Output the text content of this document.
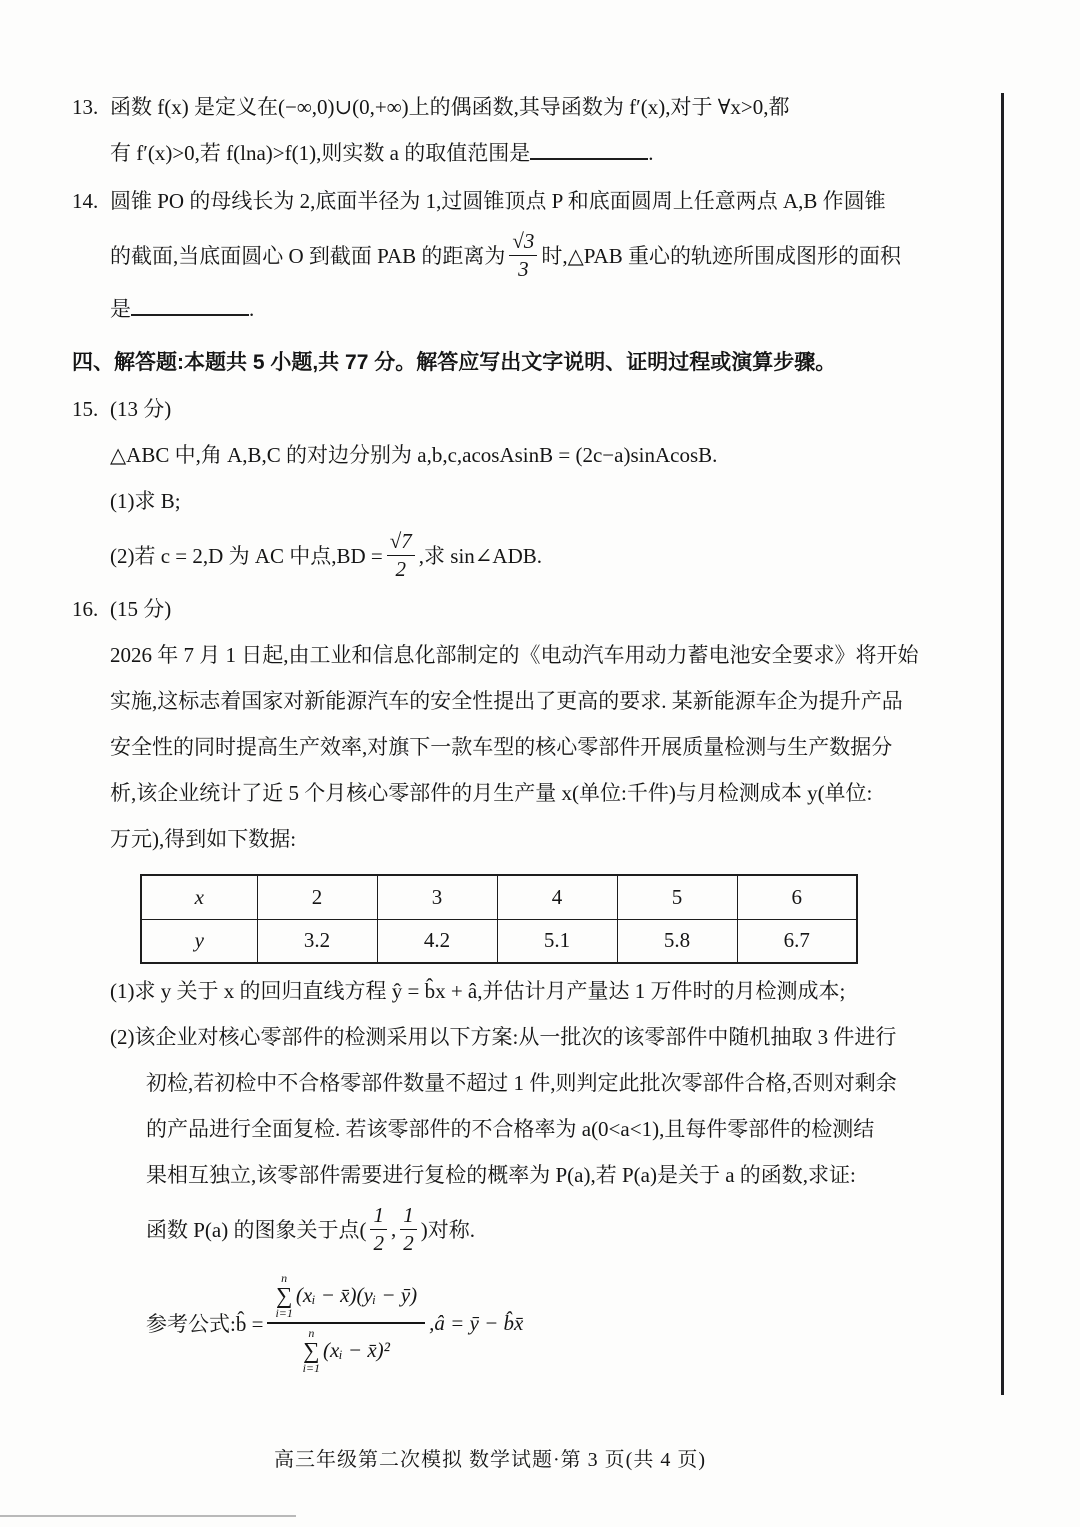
13. 函数 f(x) 是定义在(−∞,0)∪(0,+∞)上的偶函数,其导函数为 f′(x),对于 ∀x>0,都
有 f′(x)>0,若 f(lna)>f(1),则实数 a 的取值范围是	.
14. 圆锥 PO 的母线长为 2,底面半径为 1,过圆锥顶点 P 和底面圆周上任意两点 A,B 作圆锥
的截面,当底面圆心 O 到截面 PAB 的距离为 $\frac{√3}{3}$ 时,△PAB 重心的轨迹所围成图形的面积
是	.
四、解答题:本题共 5 小题,共 77 分。解答应写出文字说明、证明过程或演算步骤。
15. (13 分)
△ABC 中,角 A,B,C 的对边分别为 a,b,c,acosAsinB = (2c−a)sinAcosB.
(1)求 B;
(2)若 c = 2,D 为 AC 中点$,BD = \frac{√7}{2}$ ,求 sin∠ADB.
16. (15 分)
2026 年 7 月 1 日起,由工业和信息化部制定的《电动汽车用动力蓄电池安全要求》将开始
实施,这标志着国家对新能源汽车的安全性提出了更高的要求. 某新能源车企为提升产品
安全性的同时提高生产效率,对旗下一款车型的核心零部件开展质量检测与生产数据分
析,该企业统计了近 5 个月核心零部件的月生产量 x(单位:千件)与月检测成本 y(单位:
万元),得到如下数据:
x	2	3	4	5	6
y	3.2	4.2	5.1	5.8	6.7
(1)求 y 关于 x 的回归直线方程 ŷ = b̂x + â,并估计月产量达 1 万件时的月检测成本;
(2)该企业对核心零部件的检测采用以下方案:从一批次的该零部件中随机抽取 3 件进行
初检,若初检中不合格零部件数量不超过 1 件,则判定此批次零部件合格,否则对剩余
的产品进行全面复检. 若该零部件的不合格率为 a(0<a<1),且每件零部件的检测结
果相互独立,该零部件需要进行复检的概率为 P(a),若 P(a)是关于 a 的函数,求证:
函数 P(a) 的图象关于点( $\frac{1}{2}$ , $\frac{1}{2}$ )对称.
参考公式:b̂ =
n
∑
i=1
(xᵢ − x̄)(yᵢ − ȳ)
n
∑
i=1
(xᵢ − x̄)²
,â = ȳ − b̂x̄
高三年级第二次模拟 数学试题·第 3 页(共 4 页)
